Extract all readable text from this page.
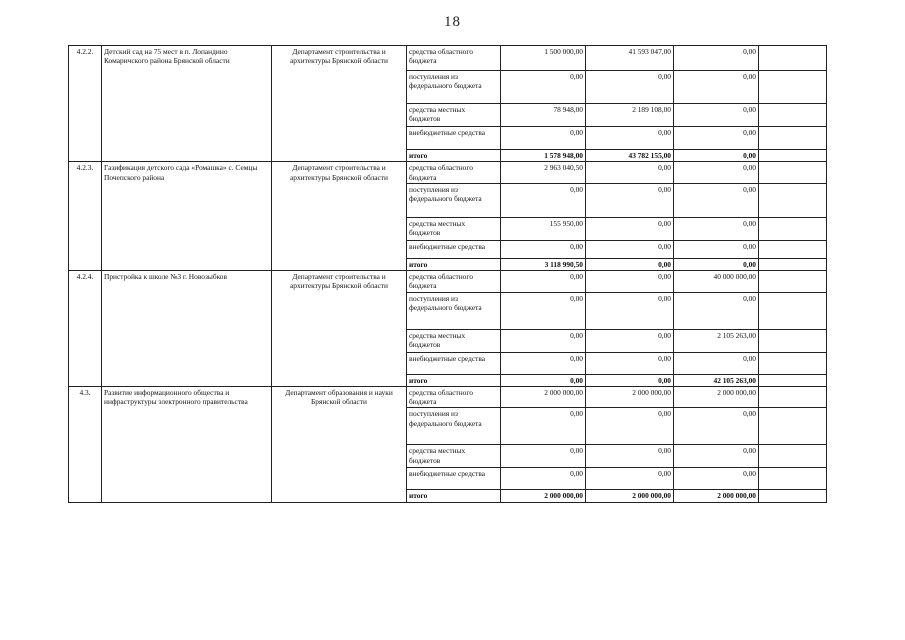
18
4.2.2.	Детский сад на 75 мест в п. Лопандино Комаричского района Брянской области	Департамент строительства и архитектуры Брянской области	средства областного бюджета	1 500 000,00	41 593 047,00	0,00	
			поступления из федерального бюджета	0,00	0,00	0,00	
			средства местных бюджетов	78 948,00	2 189 108,00	0,00	
			внебюджетные средства	0,00	0,00	0,00	
			итого	1 578 948,00	43 782 155,00	0,00	
4.2.3.	Газификация детского сада «Ромашка» с. Семцы Почепского района	Департамент строительства и архитектуры Брянской области	средства областного бюджета	2 963 040,50	0,00	0,00	
			поступления из федерального бюджета	0,00	0,00	0,00	
			средства местных бюджетов	155 950,00	0,00	0,00	
			внебюджетные средства	0,00	0,00	0,00	
			итого	3 118 990,50	0,00	0,00	
4.2.4.	Пристройка к школе №3 г. Новозыбков	Департамент строительства и архитектуры Брянской области	средства областного бюджета	0,00	0,00	40 000 000,00	
			поступления из федерального бюджета	0,00	0,00	0,00	
			средства местных бюджетов	0,00	0,00	2 105 263,00	
			внебюджетные средства	0,00	0,00	0,00	
			итого	0,00	0,00	42 105 263,00	
4.3.	Развитие информационного общества и инфраструктуры электронного правительства	Департамент образования и науки Брянской области	средства областного бюджета	2 000 000,00	2 000 000,00	2 000 000,00	
			поступления из федерального бюджета	0,00	0,00	0,00	
			средства местных бюджетов	0,00	0,00	0,00	
			внебюджетные средства	0,00	0,00	0,00	
			итого	2 000 000,00	2 000 000,00	2 000 000,00	
